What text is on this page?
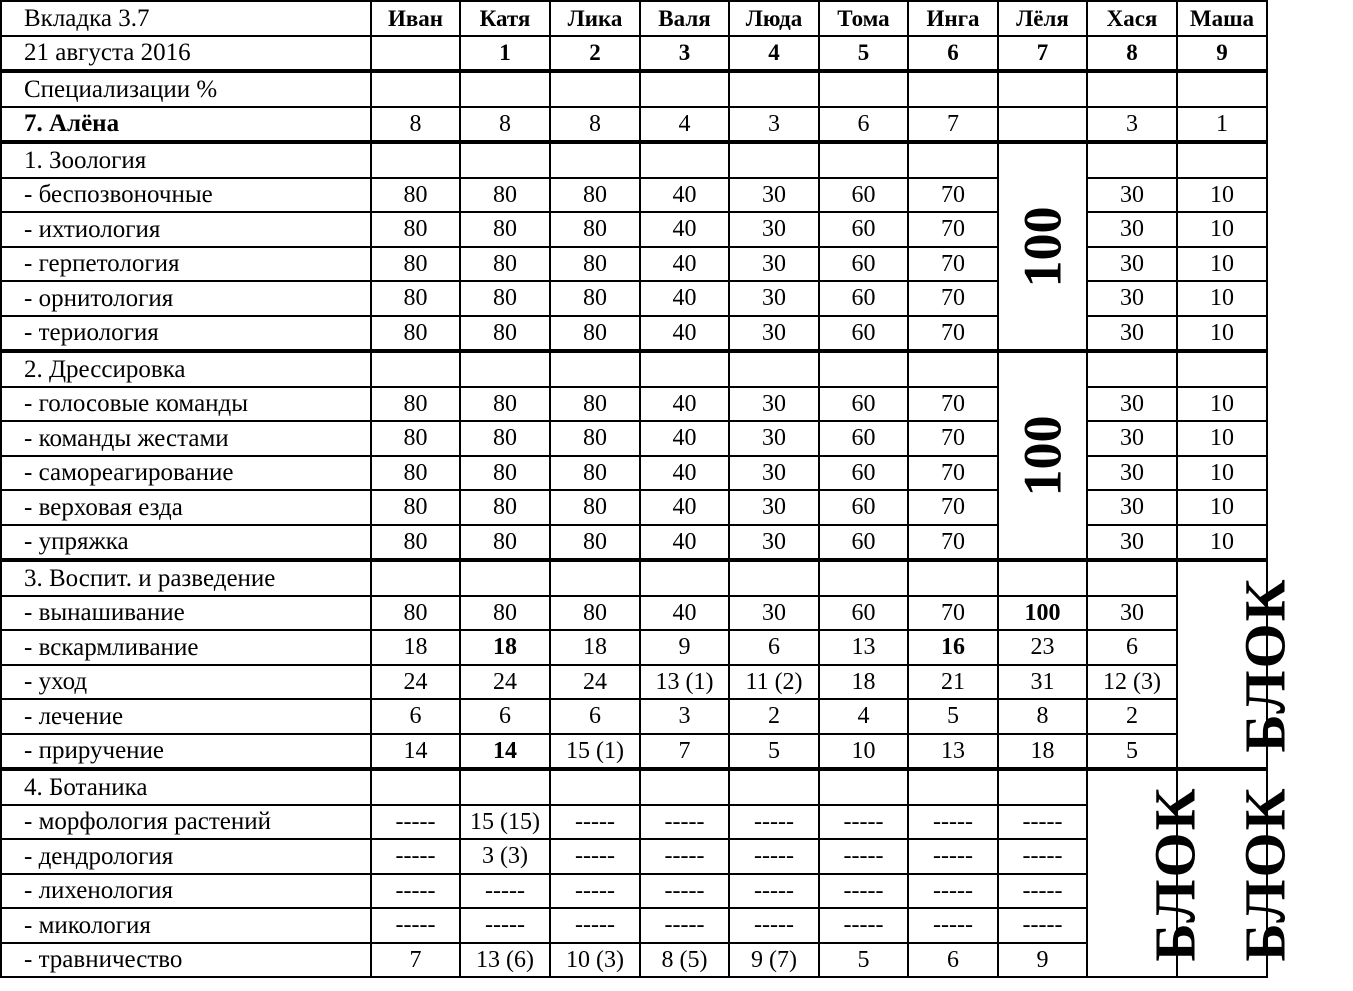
Вкладка 3.7	Иван	Катя	Лика	Валя	Люда	Тома	Инга	Лёля	Хася	Маша
21 августа 2016		1	2	3	4	5	6	7	8	9
Специализации %										
7. Алёна	8	8	8	4	3	6	7		3	1
1. Зоология								100		
- беспозвоночные	80	80	80	40	30	60	70		30	10
- ихтиология	80	80	80	40	30	60	70		30	10
- герпетология	80	80	80	40	30	60	70		30	10
- орнитология	80	80	80	40	30	60	70		30	10
- териология	80	80	80	40	30	60	70		30	10
2. Дрессировка								100		
- голосовые команды	80	80	80	40	30	60	70		30	10
- команды жестами	80	80	80	40	30	60	70		30	10
- самореагирование	80	80	80	40	30	60	70		30	10
- верховая езда	80	80	80	40	30	60	70		30	10
- упряжка	80	80	80	40	30	60	70		30	10
3. Воспит. и разведение										БЛОК
- вынашивание	80	80	80	40	30	60	70	100	30	
- вскармливание	18	18	18	9	6	13	16	23	6	
- уход	24	24	24	13 (1)	11 (2)	18	21	31	12 (3)	
- лечение	6	6	6	3	2	4	5	8	2	
- приручение	14	14	15 (1)	7	5	10	13	18	5	
4. Ботаника									БЛОК	БЛОК
- морфология растений	-----	15 (15)	-----	-----	-----	-----	-----	-----		
- дендрология	-----	3 (3)	-----	-----	-----	-----	-----	-----		
- лихенология	-----	-----	-----	-----	-----	-----	-----	-----		
- микология	-----	-----	-----	-----	-----	-----	-----	-----		
- травничество	7	13 (6)	10 (3)	8 (5)	9 (7)	5	6	9		
